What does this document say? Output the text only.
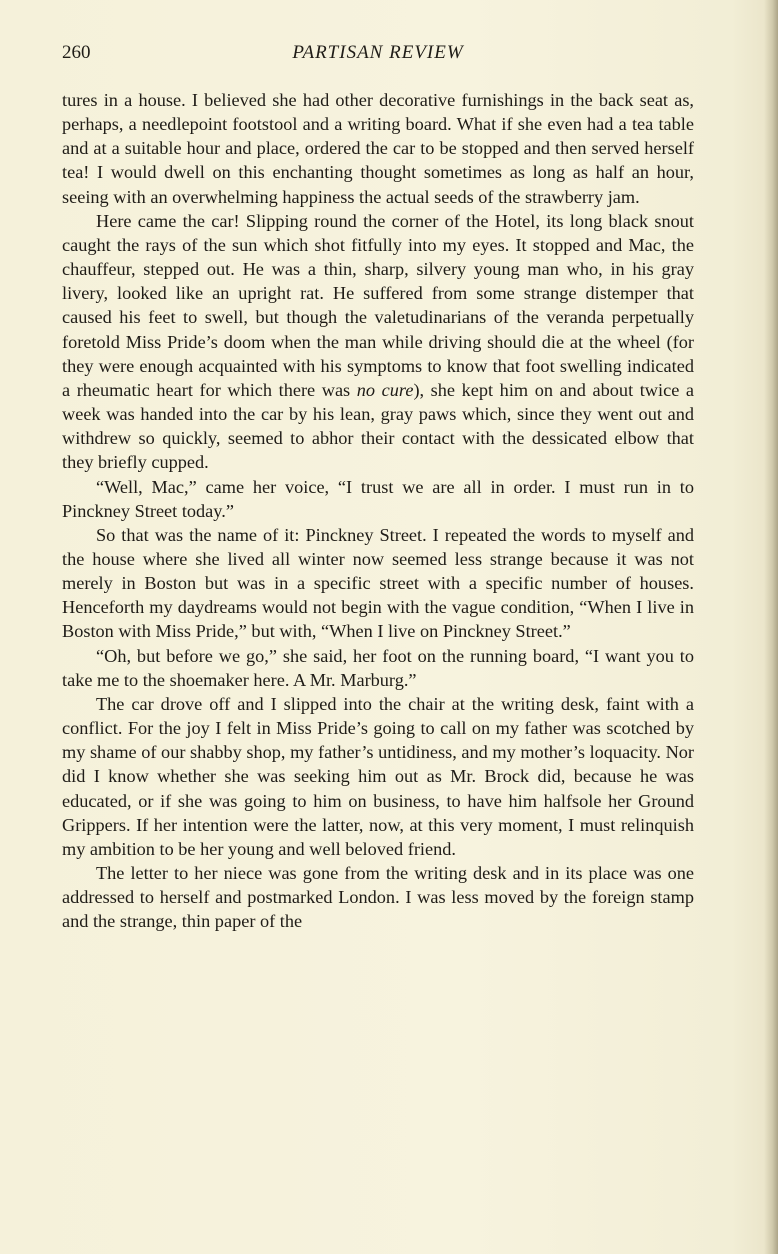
260	PARTISAN REVIEW

tures in a house. I believed she had other decorative furnishings in the back seat as, perhaps, a needlepoint footstool and a writing board. What if she even had a tea table and at a suitable hour and place, ordered the car to be stopped and then served herself tea! I would dwell on this enchanting thought sometimes as long as half an hour, seeing with an overwhelming happiness the actual seeds of the strawberry jam.

Here came the car! Slipping round the corner of the Hotel, its long black snout caught the rays of the sun which shot fitfully into my eyes. It stopped and Mac, the chauffeur, stepped out. He was a thin, sharp, silvery young man who, in his gray livery, looked like an upright rat. He suffered from some strange distemper that caused his feet to swell, but though the valetudinarians of the veranda perpetually foretold Miss Pride’s doom when the man while driving should die at the wheel (for they were enough acquainted with his symptoms to know that foot swelling indicated a rheumatic heart for which there was no cure), she kept him on and about twice a week was handed into the car by his lean, gray paws which, since they went out and withdrew so quickly, seemed to abhor their contact with the dessicated elbow that they briefly cupped.

“Well, Mac,” came her voice, “I trust we are all in order. I must run in to Pinckney Street today.”

So that was the name of it: Pinckney Street. I repeated the words to myself and the house where she lived all winter now seemed less strange because it was not merely in Boston but was in a specific street with a specific number of houses. Henceforth my daydreams would not begin with the vague condition, “When I live in Boston with Miss Pride,” but with, “When I live on Pinckney Street.”

“Oh, but before we go,” she said, her foot on the running board, “I want you to take me to the shoemaker here. A Mr. Marburg.”

The car drove off and I slipped into the chair at the writing desk, faint with a conflict. For the joy I felt in Miss Pride’s going to call on my father was scotched by my shame of our shabby shop, my father’s untidiness, and my mother’s loquacity. Nor did I know whether she was seeking him out as Mr. Brock did, because he was educated, or if she was going to him on business, to have him halfsole her Ground Grippers. If her intention were the latter, now, at this very moment, I must relinquish my ambition to be her young and well beloved friend.

The letter to her niece was gone from the writing desk and in its place was one addressed to herself and postmarked London. I was less moved by the foreign stamp and the strange, thin paper of the
